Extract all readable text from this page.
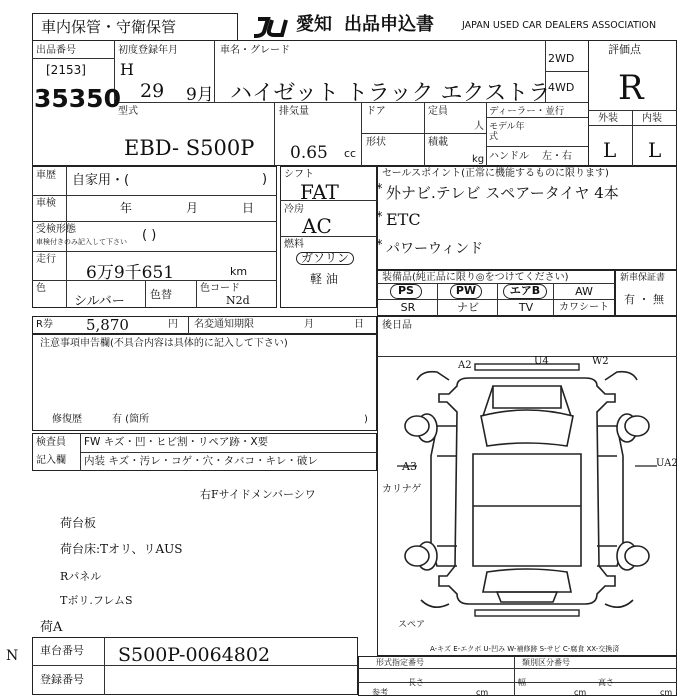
車内保管・守衛保管	愛知 出品申込書	JAPAN USED CAR DEALERS ASSOCIATION
出品番号
[2153]
35350
初度登録年月
H
29 9月
車名・グレード
ハイゼット トラック エクストラ
2WD
4WD
評価点
R
外装 内装
L L
型式
EBD- S500P
排気量
0.65 cc
ドア
形状
定員
人
積載
kg
ディーラー・並行
モデル年式
ハンドル 左・右
車歴 自家用・(	)
車検	年	月	日
受検形態
車検付きのみ記入して下さい ( )
走行
6万9千651	km
色
シルバー 色替	色コード
N2d
シフト
FAT
冷房
AC
燃料
ガソリン
軽 油
セールスポイント(正常に機能するものに限ります)
外ナビ.テレビ スペアータイヤ 4本
ETC
パワーウィンド
*
*
*
装備品(純正品に限り◎をつけてください)
PS	PW	エアB	AW
SR	ナビ	TV	カワシート
新車保証書
有 ・ 無
R券 5,870	円 名変通知期限	月	日 後日品
注意事項申告欄(不具合内容は具体的に記入して下さい)
修復歴	有 (箇所	)
検査員
記入欄
FW キズ・凹・ヒビ割・リペア跡・X要
内装 キズ・汚レ・コゲ・穴・タバコ・キレ・破レ
右Fサイドメンバーシワ
荷台板
荷台床:Tオリ、リAUS
Rパネル
Tボリ.フレムS
荷A
N
A2	U4	W2
A3
カリナゲ
UA2
スペア
A-キズ E-エクボ U-凹み W-補修跡 S-サビ C-腐食 XX-交換済
車台番号 S500P-0064802
登録番号
形式指定番号	類別区分番号
参考
長さ
cm
幅
cm
高さ
cm
